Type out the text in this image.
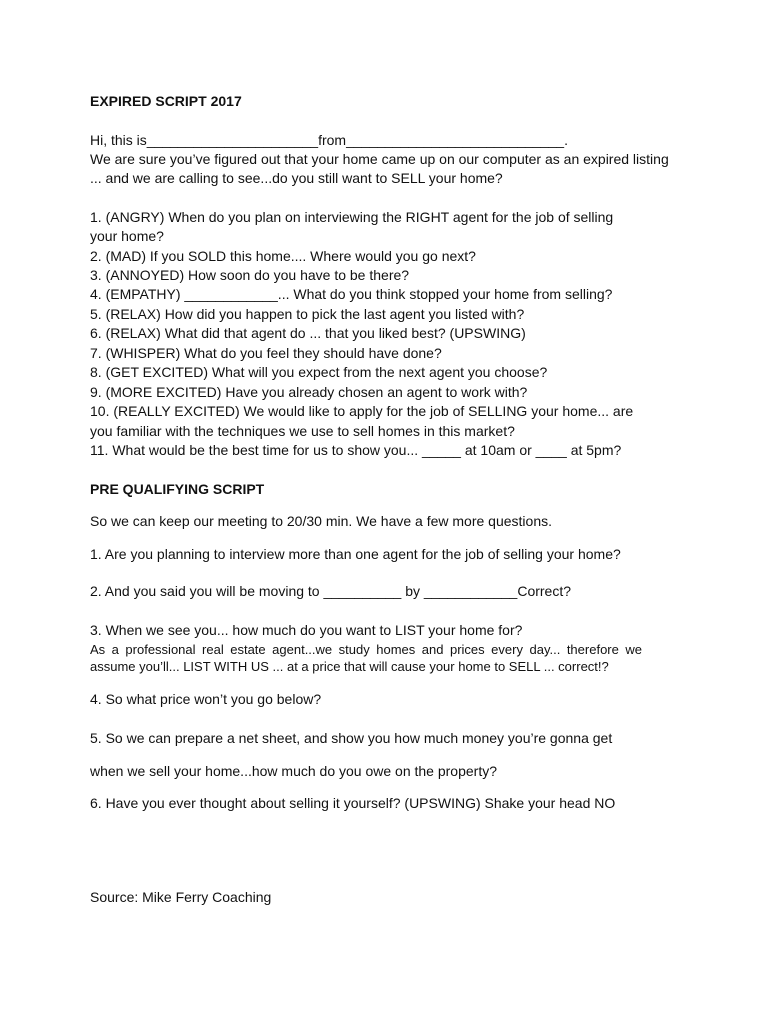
EXPIRED SCRIPT 2017
Hi, this is______________________from____________________________.
We are sure you’ve figured out that your home came up on our computer as an expired listing
... and we are calling to see...do you still want to SELL your home?
1. (ANGRY) When do you plan on interviewing the RIGHT agent for the job of selling
your home?
2. (MAD) If you SOLD this home.... Where would you go next?
3. (ANNOYED) How soon do you have to be there?
4. (EMPATHY) ____________... What do you think stopped your home from selling?
5. (RELAX) How did you happen to pick the last agent you listed with?
6. (RELAX) What did that agent do ... that you liked best? (UPSWING)
7. (WHISPER) What do you feel they should have done?
8. (GET EXCITED) What will you expect from the next agent you choose?
9. (MORE EXCITED) Have you already chosen an agent to work with?
10. (REALLY EXCITED) We would like to apply for the job of SELLING your home... are
you familiar with the techniques we use to sell homes in this market?
11. What would be the best time for us to show you... _____ at 10am or ____ at 5pm?
PRE QUALIFYING SCRIPT
So we can keep our meeting to 20/30 min. We have a few more questions.
1. Are you planning to interview more than one agent for the job of selling your home?
2. And you said you will be moving to __________ by ____________Correct?
3. When we see you... how much do you want to LIST your home for?
As a professional real estate agent...we study homes and prices every day... therefore we
assume you’ll... LIST WITH US ... at a price that will cause your home to SELL ... correct!?
4. So what price won’t you go below?
5. So we can prepare a net sheet, and show you how much money you’re gonna get
when we sell your home...how much do you owe on the property?
6. Have you ever thought about selling it yourself? (UPSWING) Shake your head NO
Source: Mike Ferry Coaching
